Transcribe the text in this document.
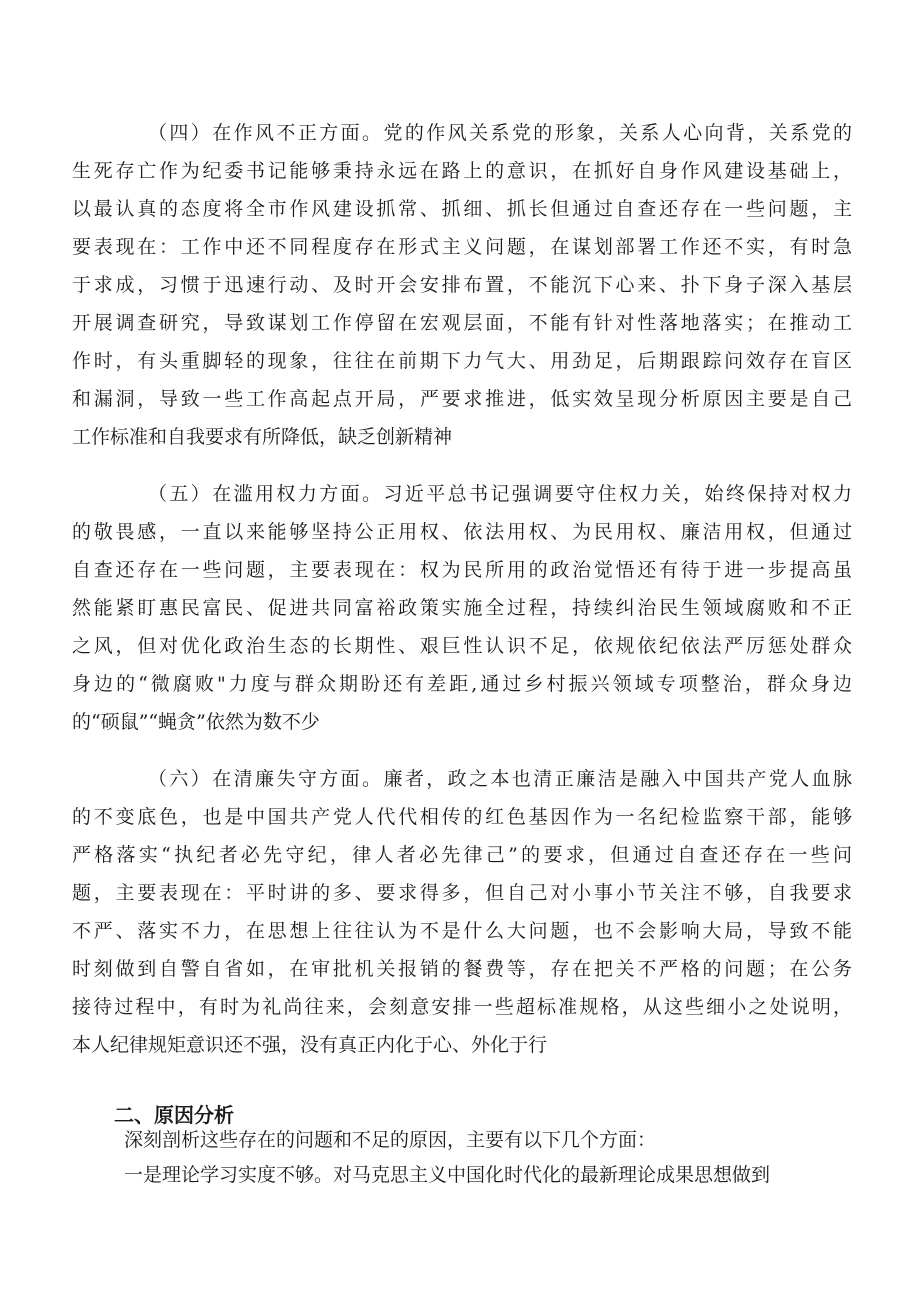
（四）在作风不正方面。党的作风关系党的形象，关系人心向背，关系党的
生死存亡作为纪委书记能够秉持永远在路上的意识，在抓好自身作风建设基础上，
以最认真的态度将全市作风建设抓常、抓细、抓长但通过自查还存在一些问题，主
要表现在：工作中还不同程度存在形式主义问题，在谋划部署工作还不实，有时急
于求成，习惯于迅速行动、及时开会安排布置，不能沉下心来、扑下身子深入基层
开展调查研究，导致谋划工作停留在宏观层面，不能有针对性落地落实；在推动工
作时，有头重脚轻的现象，往往在前期下力气大、用劲足，后期跟踪问效存在盲区
和漏洞，导致一些工作高起点开局，严要求推进，低实效呈现分析原因主要是自己
工作标准和自我要求有所降低，缺乏创新精神
（五）在滥用权力方面。习近平总书记强调要守住权力关，始终保持对权力
的敬畏感，一直以来能够坚持公正用权、依法用权、为民用权、廉洁用权，但通过
自查还存在一些问题，主要表现在：权为民所用的政治觉悟还有待于进一步提高虽
然能紧盯惠民富民、促进共同富裕政策实施全过程，持续纠治民生领域腐败和不正
之风，但对优化政治生态的长期性、艰巨性认识不足，依规依纪依法严厉惩处群众
身边的“微腐败"力度与群众期盼还有差距,通过乡村振兴领域专项整治，群众身边
的“硕鼠”“蝇贪”依然为数不少
（六）在清廉失守方面。廉者，政之本也清正廉洁是融入中国共产党人血脉
的不变底色，也是中国共产党人代代相传的红色基因作为一名纪检监察干部，能够
严格落实“执纪者必先守纪，律人者必先律己”的要求，但通过自查还存在一些问
题，主要表现在：平时讲的多、要求得多，但自己对小事小节关注不够，自我要求
不严、落实不力，在思想上往往认为不是什么大问题，也不会影响大局，导致不能
时刻做到自警自省如，在审批机关报销的餐费等，存在把关不严格的问题；在公务
接待过程中，有时为礼尚往来，会刻意安排一些超标准规格，从这些细小之处说明，
本人纪律规矩意识还不强，没有真正内化于心、外化于行
二、原因分析
深刻剖析这些存在的问题和不足的原因，主要有以下几个方面：
一是理论学习实度不够。对马克思主义中国化时代化的最新理论成果思想做到
